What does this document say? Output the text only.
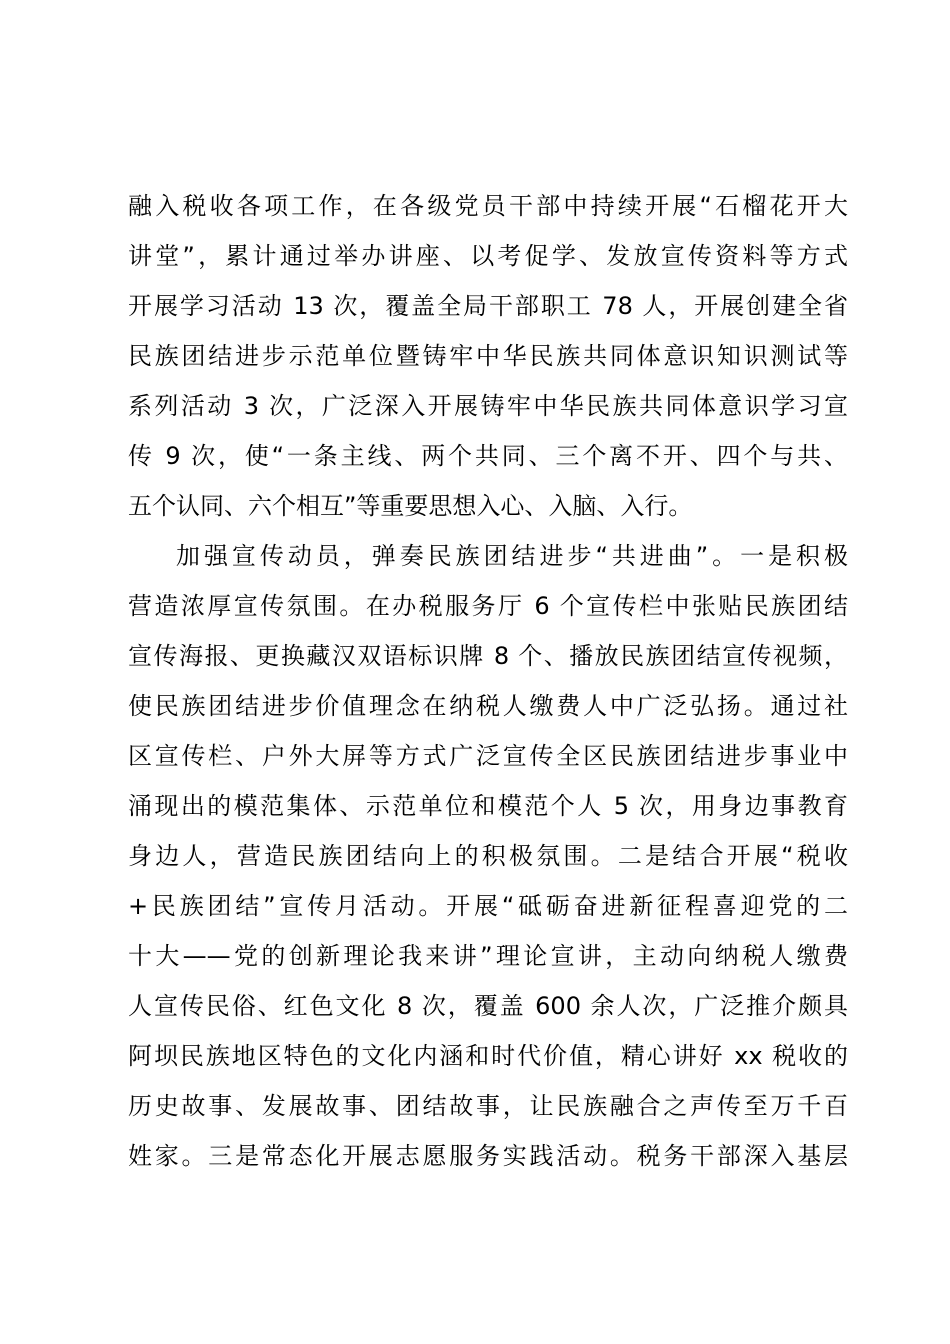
融入税收各项工作，在各级党员干部中持续开展“石榴花开大
讲堂”，累计通过举办讲座、以考促学、发放宣传资料等方式
开展学习活动 13 次，覆盖全局干部职工 78 人，开展创建全省
民族团结进步示范单位暨铸牢中华民族共同体意识知识测试等
系列活动 3 次，广泛深入开展铸牢中华民族共同体意识学习宣
传 9 次，使“一条主线、两个共同、三个离不开、四个与共、
五个认同、六个相互”等重要思想入心、入脑、入行。
加强宣传动员，弹奏民族团结进步“共进曲”。一是积极
营造浓厚宣传氛围。在办税服务厅 6 个宣传栏中张贴民族团结
宣传海报、更换藏汉双语标识牌 8 个、播放民族团结宣传视频，
使民族团结进步价值理念在纳税人缴费人中广泛弘扬。通过社
区宣传栏、户外大屏等方式广泛宣传全区民族团结进步事业中
涌现出的模范集体、示范单位和模范个人 5 次，用身边事教育
身边人，营造民族团结向上的积极氛围。二是结合开展“税收
+民族团结”宣传月活动。开展“砥砺奋进新征程喜迎党的二
十大——党的创新理论我来讲”理论宣讲，主动向纳税人缴费
人宣传民俗、红色文化 8 次，覆盖 600 余人次，广泛推介颇具
阿坝民族地区特色的文化内涵和时代价值，精心讲好 xx 税收的
历史故事、发展故事、团结故事，让民族融合之声传至万千百
姓家。三是常态化开展志愿服务实践活动。税务干部深入基层
